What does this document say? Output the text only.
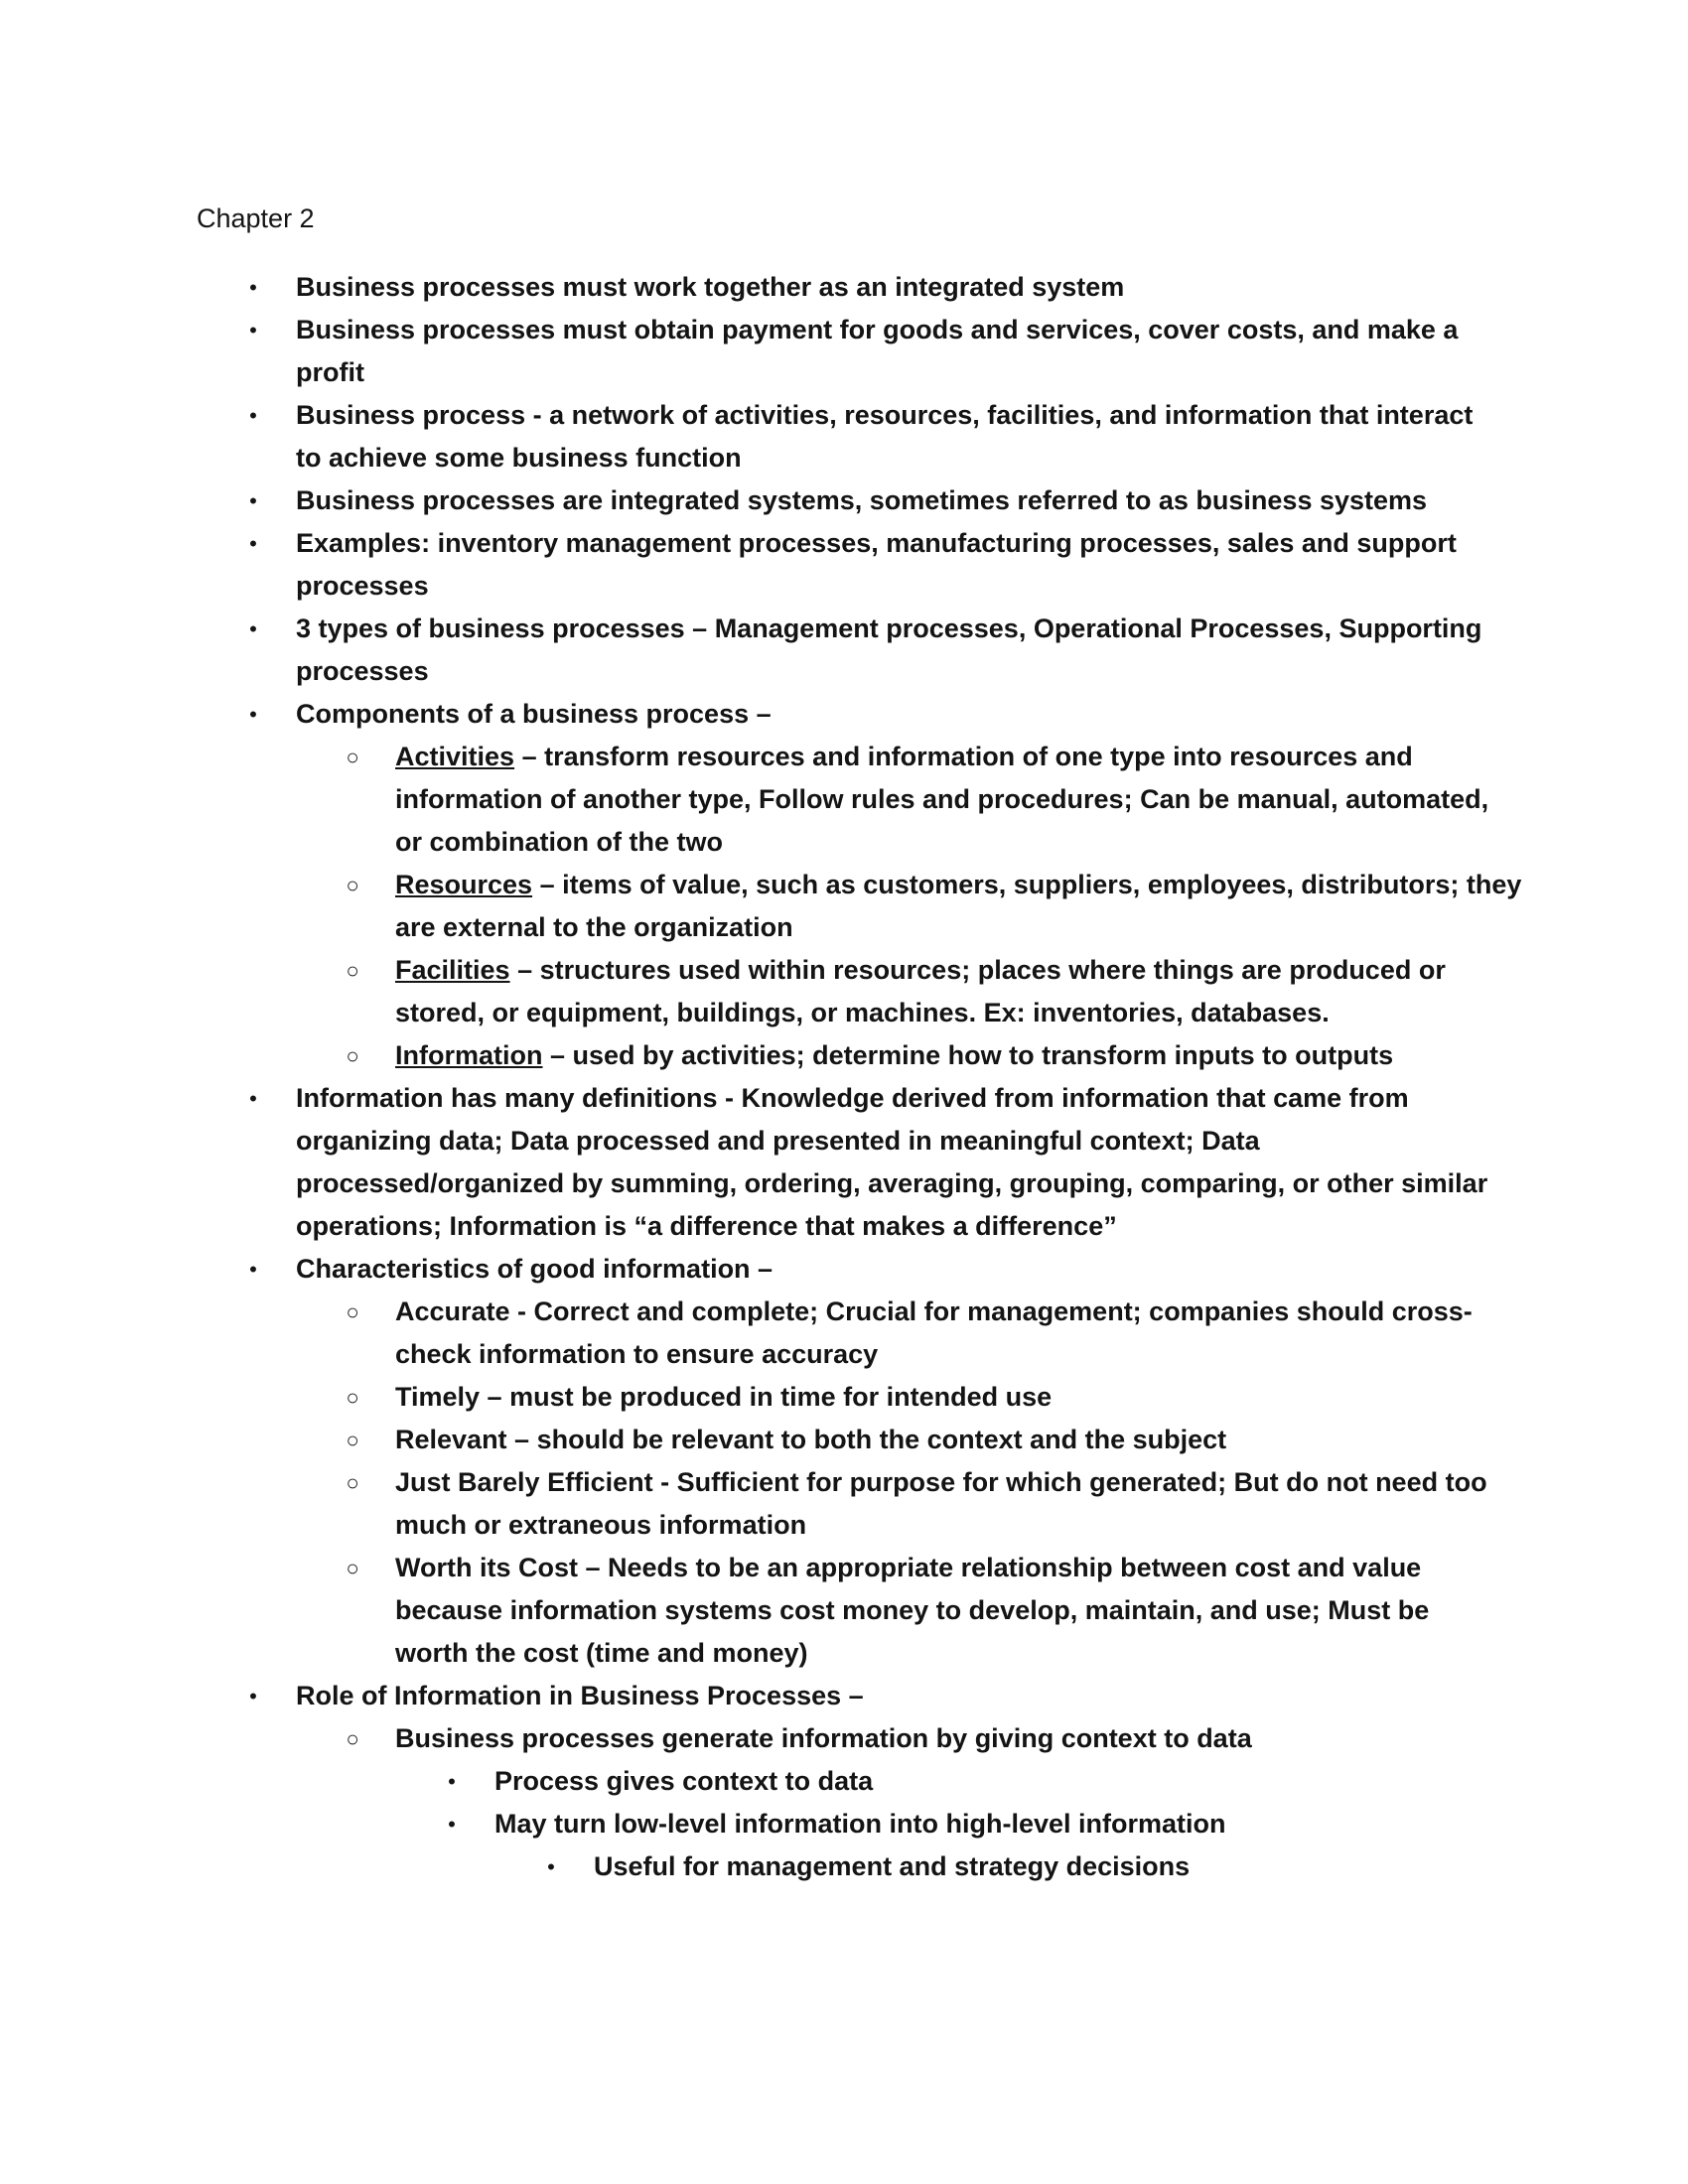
Chapter 2
•	Business processes must work together as an integrated system
•	Business processes must obtain payment for goods and services, cover costs, and make a
profit
•	Business process - a network of activities, resources, facilities, and information that interact
to achieve some business function
•	Business processes are integrated systems, sometimes referred to as business systems
•	Examples: inventory management processes, manufacturing processes, sales and support
processes
•	3 types of business processes – Management processes, Operational Processes, Supporting
processes
•	Components of a business process –
○ Activities – transform resources and information of one type into resources and
information of another type, Follow rules and procedures; Can be manual, automated,
or combination of the two
○ Resources – items of value, such as customers, suppliers, employees, distributors; they
are external to the organization
○ Facilities – structures used within resources; places where things are produced or
stored, or equipment, buildings, or machines. Ex: inventories, databases.
○ Information – used by activities; determine how to transform inputs to outputs
•	Information has many definitions - Knowledge derived from information that came from
organizing data; Data processed and presented in meaningful context; Data
processed/organized by summing, ordering, averaging, grouping, comparing, or other similar
operations; Information is “a difference that makes a difference”
•	Characteristics of good information –
○ Accurate - Correct and complete; Crucial for management; companies should cross-
check information to ensure accuracy
○ Timely – must be produced in time for intended use
○ Relevant – should be relevant to both the context and the subject
○ Just Barely Efficient - Sufficient for purpose for which generated; But do not need too
much or extraneous information
○ Worth its Cost – Needs to be an appropriate relationship between cost and value
because information systems cost money to develop, maintain, and use; Must be
worth the cost (time and money)
•	Role of Information in Business Processes –
○ Business processes generate information by giving context to data
•	Process gives context to data
•	May turn low-level information into high-level information
•	Useful for management and strategy decisions
